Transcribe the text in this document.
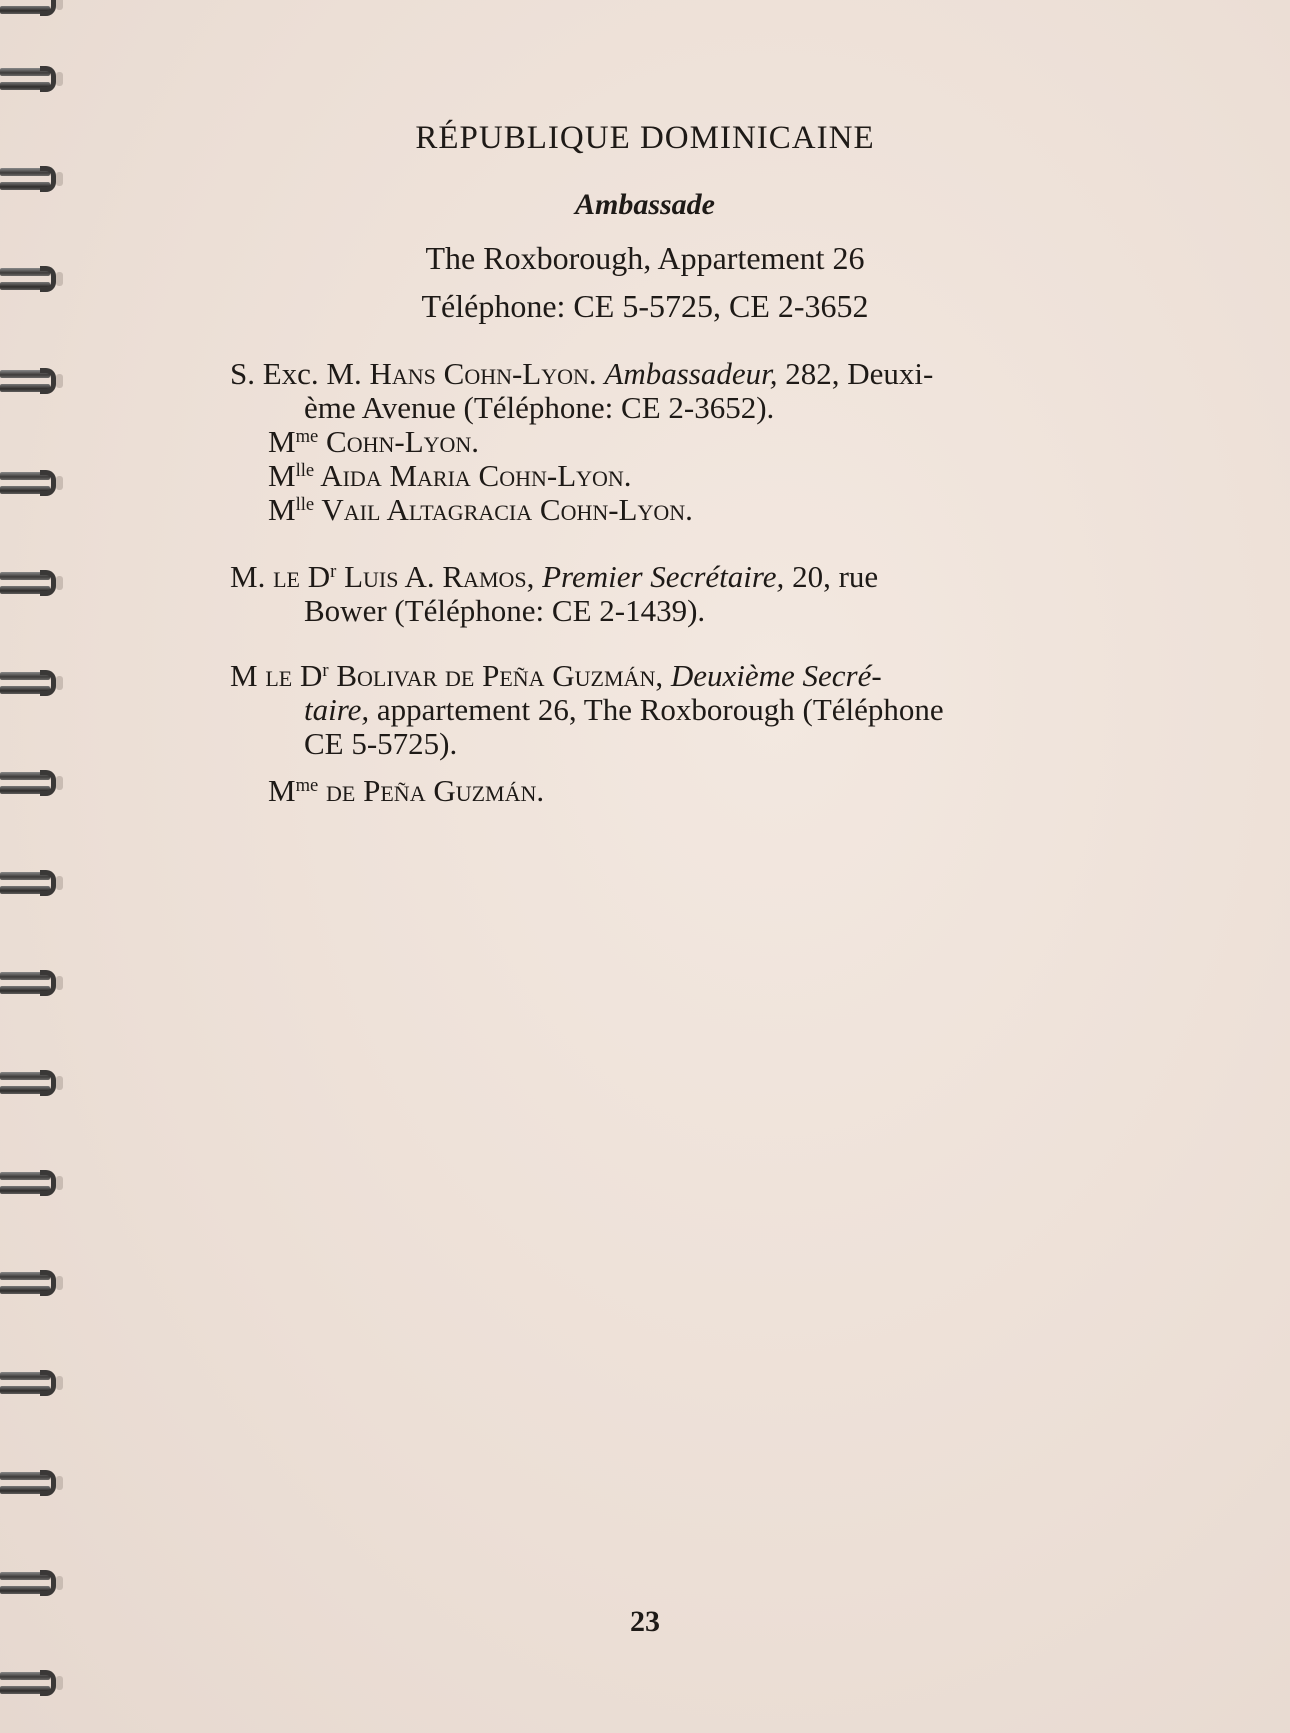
RÉPUBLIQUE DOMINICAINE
Ambassade
The Roxborough, Appartement 26
Téléphone: CE 5-5725, CE 2-3652
S. Exc. M. Hans Cohn-Lyon. Ambassadeur, 282, Deuxi-
ème Avenue (Téléphone: CE 2-3652).
$M^{me}$ Cohn-Lyon.
$M^{lle}$ Aida Maria Cohn-Lyon.
$M^{lle}$ Vail Altagracia Cohn-Lyon.
M. le $D^r$ Luis A. Ramos, Premier Secrétaire, 20, rue
Bower (Téléphone: CE 2-1439).
M le $D^r$ Bolivar de Peña Guzmán, Deuxième Secré-
taire, appartement 26, The Roxborough (Téléphone
CE 5-5725).
$M^{me}$ de Peña Guzmán.
23
